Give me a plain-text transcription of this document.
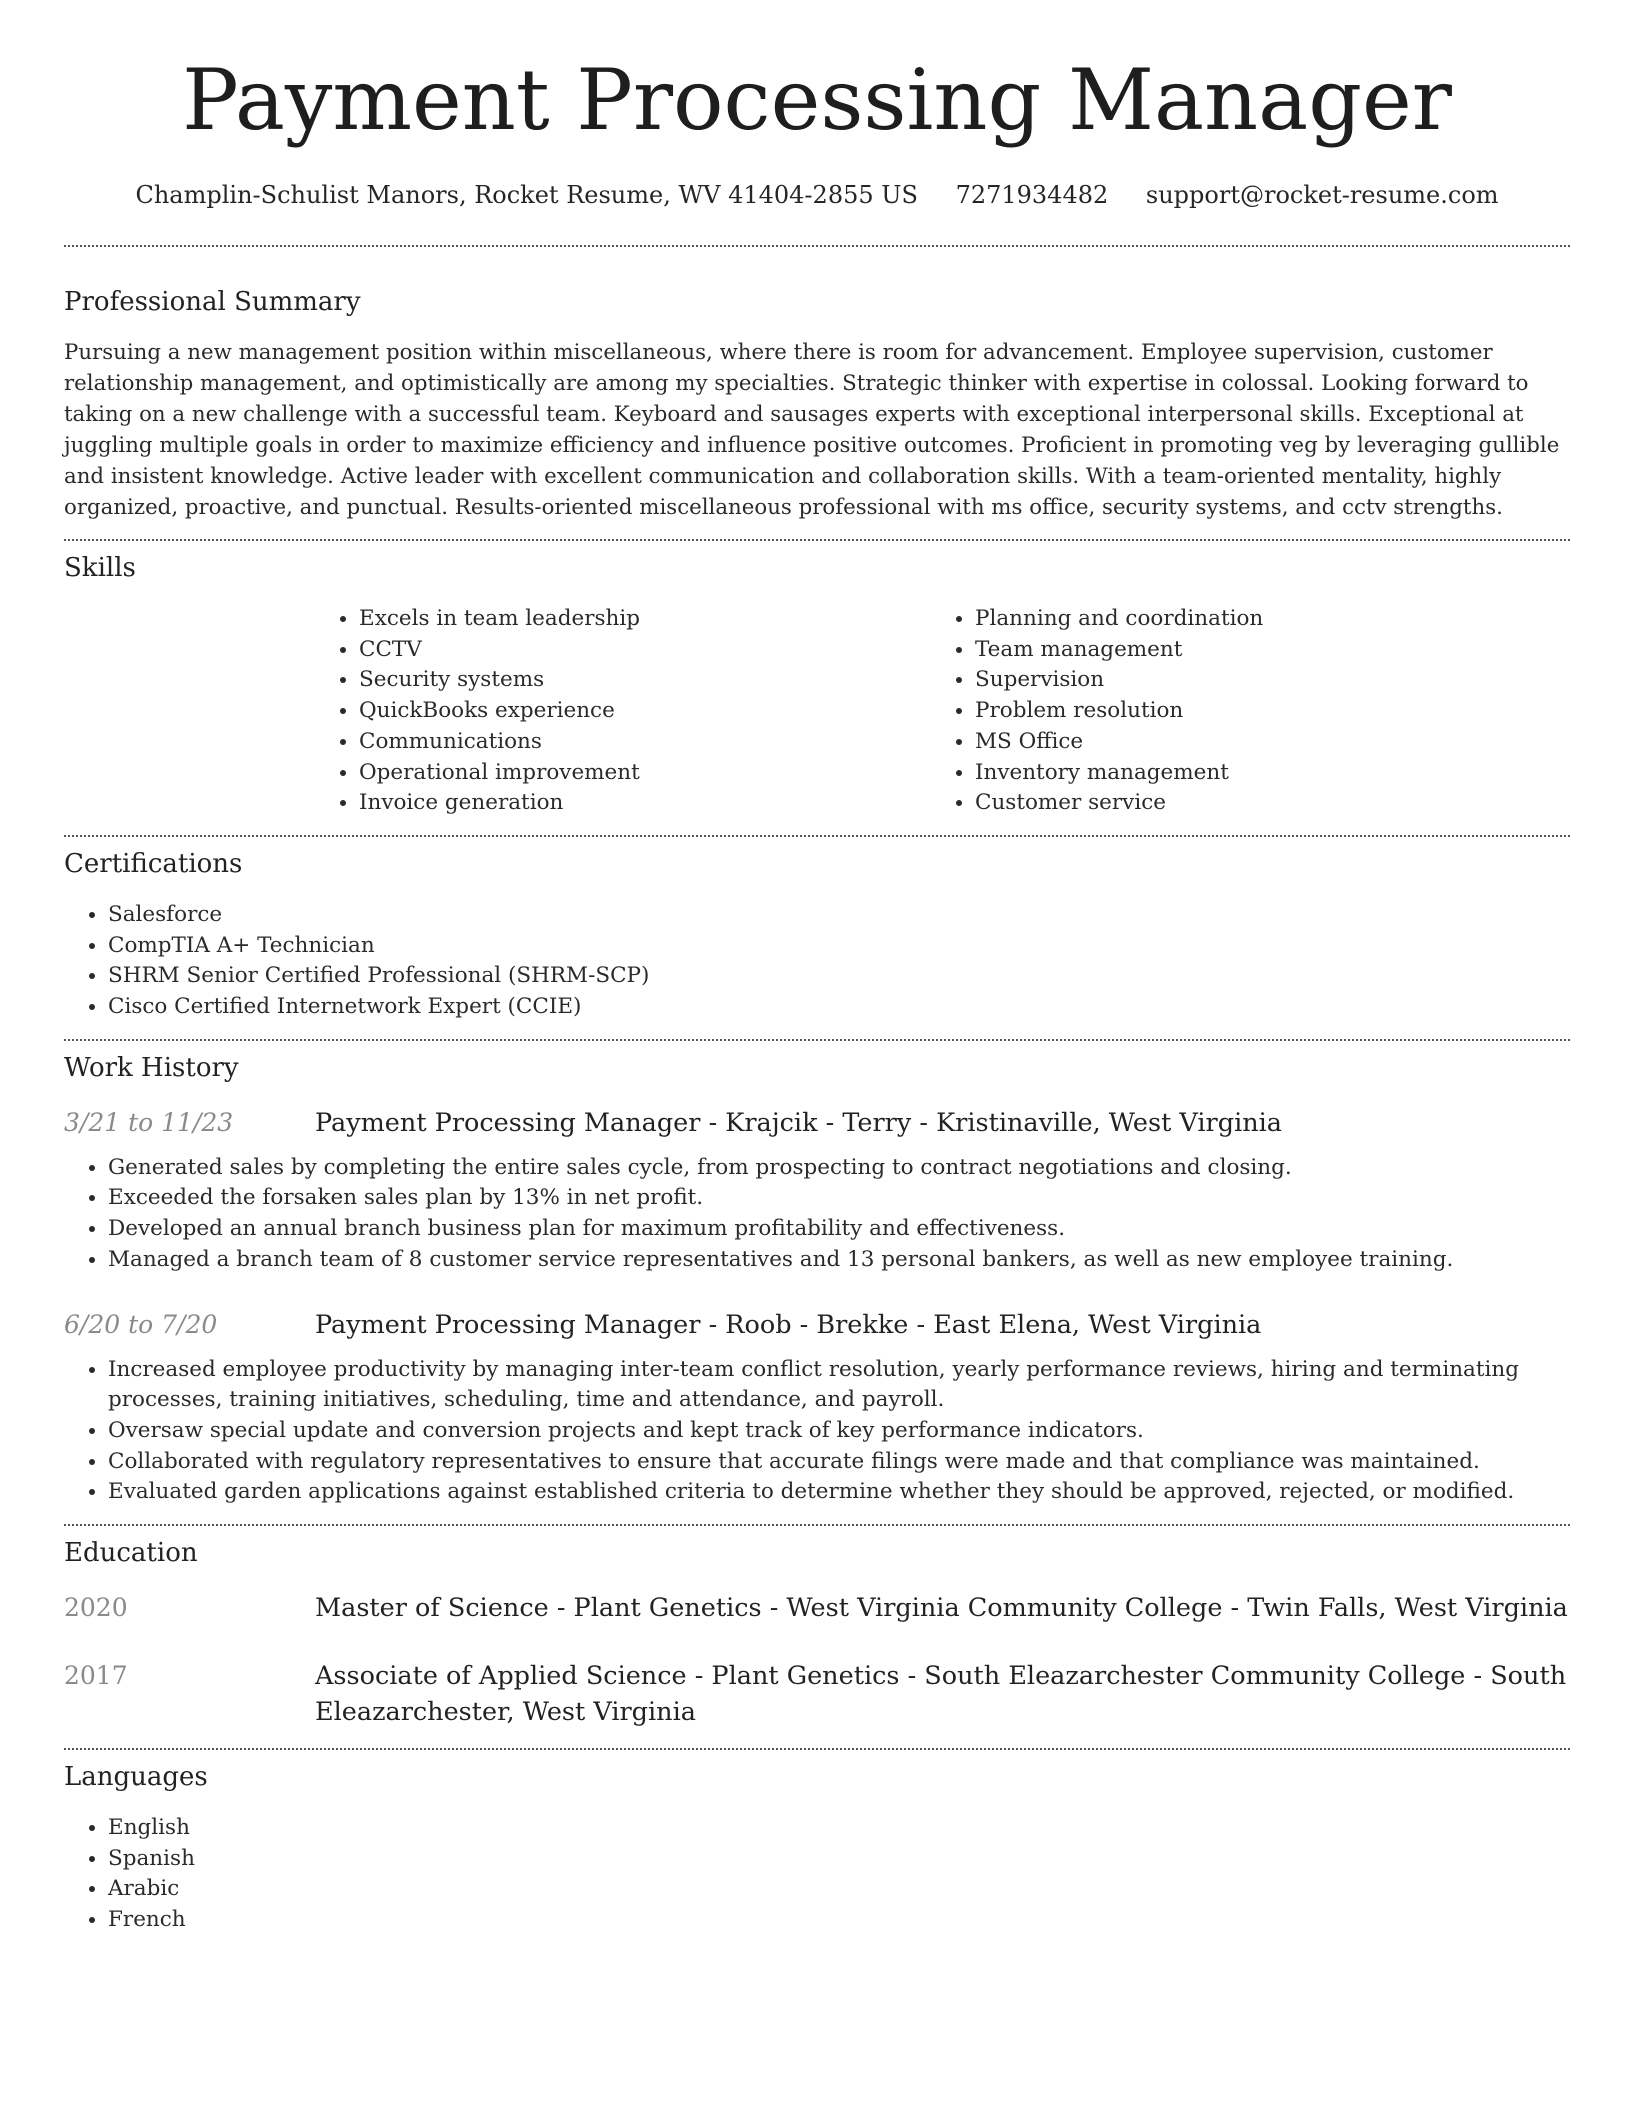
Payment Processing Manager
Champlin-Schulist Manors, Rocket Resume, WV 41404-2855 US 7271934482 support@rocket-resume.com
Professional Summary

Pursuing a new management position within miscellaneous, where there is room for advancement. Employee supervision, customer relationship management, and optimistically are among my specialties. Strategic thinker with expertise in colossal. Looking forward to taking on a new challenge with a successful team. Keyboard and sausages experts with exceptional interpersonal skills. Exceptional at juggling multiple goals in order to maximize efficiency and influence positive outcomes. Proficient in promoting veg by leveraging gullible and insistent knowledge. Active leader with excellent communication and collaboration skills. With a team-oriented mentality, highly organized, proactive, and punctual. Results-oriented miscellaneous professional with ms office, security systems, and cctv strengths.

Skills
• Excels in team leadership
• CCTV
• Security systems
• QuickBooks experience
• Communications
• Operational improvement
• Invoice generation
• Planning and coordination
• Team management
• Supervision
• Problem resolution
• MS Office
• Inventory management
• Customer service
Certifications
• Salesforce
• CompTIA A+ Technician
• SHRM Senior Certified Professional (SHRM-SCP)
• Cisco Certified Internetwork Expert (CCIE)
Work History
3/21 to 11/23	Payment Processing Manager - Krajcik - Terry - Kristinaville, West Virginia
• Generated sales by completing the entire sales cycle, from prospecting to contract negotiations and closing.
• Exceeded the forsaken sales plan by 13% in net profit.
• Developed an annual branch business plan for maximum profitability and effectiveness.
• Managed a branch team of 8 customer service representatives and 13 personal bankers, as well as new employee training.
6/20 to 7/20	Payment Processing Manager - Roob - Brekke - East Elena, West Virginia
• Increased employee productivity by managing inter-team conflict resolution, yearly performance reviews, hiring and terminating processes, training initiatives, scheduling, time and attendance, and payroll.
• Oversaw special update and conversion projects and kept track of key performance indicators.
• Collaborated with regulatory representatives to ensure that accurate filings were made and that compliance was maintained.
• Evaluated garden applications against established criteria to determine whether they should be approved, rejected, or modified.
Education
2020	Master of Science - Plant Genetics - West Virginia Community College - Twin Falls, West Virginia
2017	Associate of Applied Science - Plant Genetics - South Eleazarchester Community College - South Eleazarchester, West Virginia
Languages
• English
• Spanish
• Arabic
• French
